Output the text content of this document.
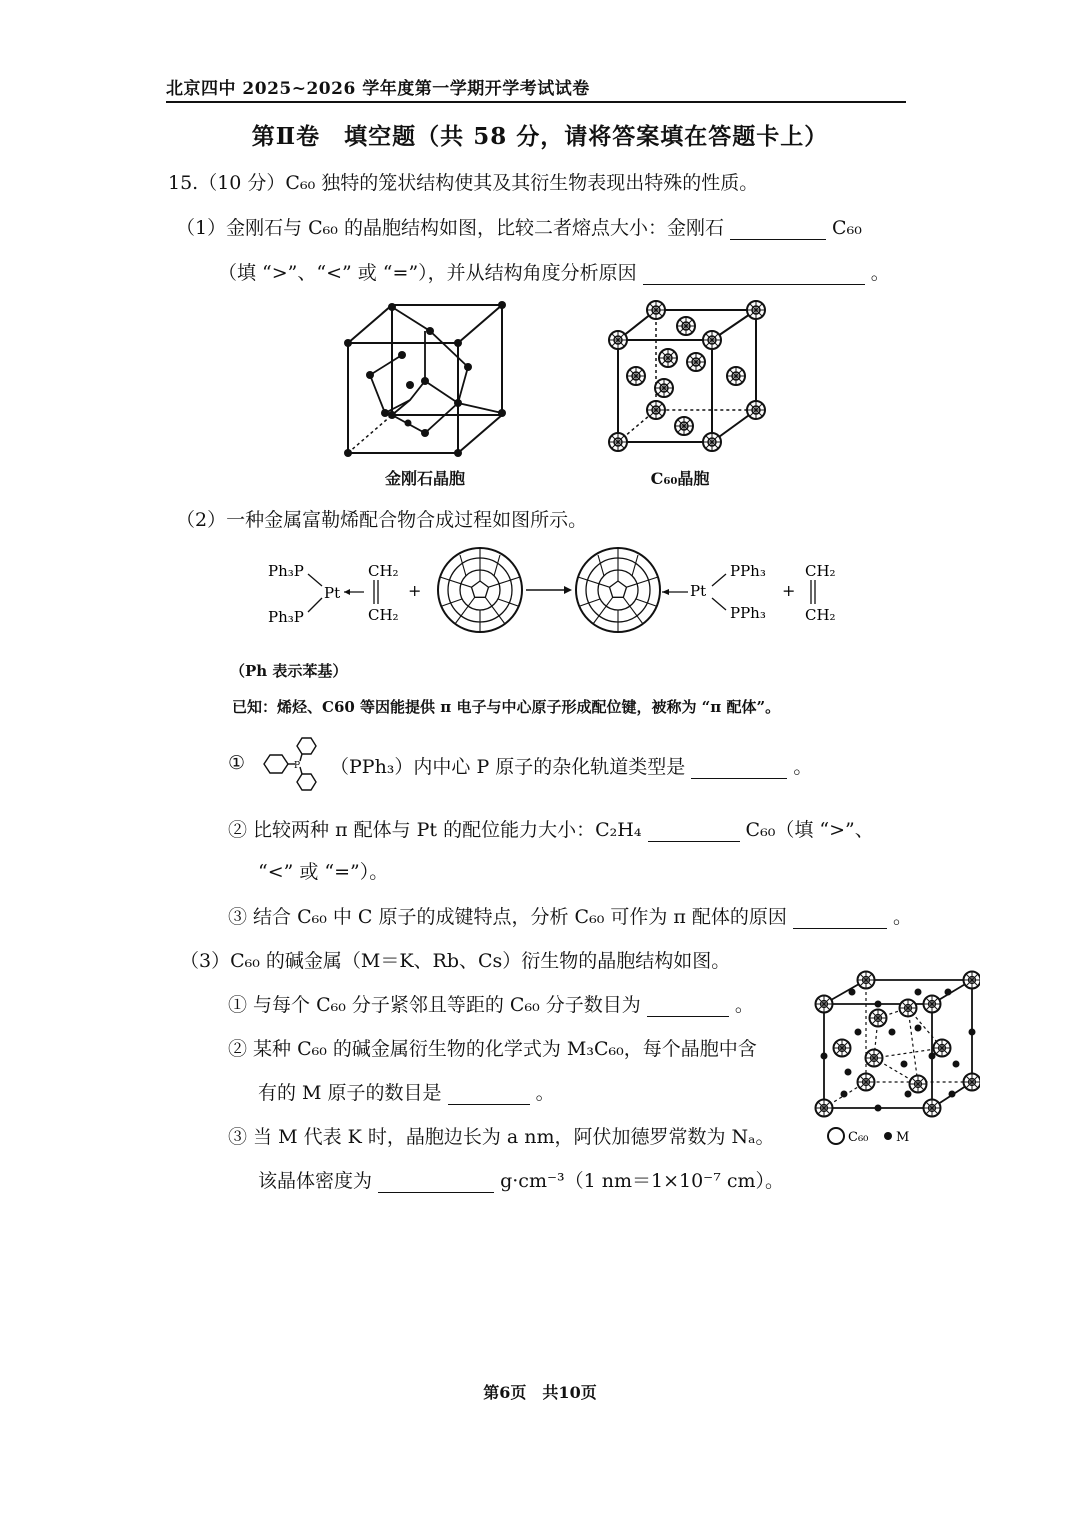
北京四中 2025~2026 学年度第一学期开学考试试卷
第Ⅱ卷　填空题（共 58 分，请将答案填在答题卡上）
15.（10 分）C₆₀ 独特的笼状结构使其及其衍生物表现出特殊的性质。
（1）金刚石与 C₆₀ 的晶胞结构如图，比较二者熔点大小：金刚石	C₆₀
（填 “>”、“<” 或 “=”），并从结构角度分析原因	。
金刚石晶胞	C₆₀晶胞
（2）一种金属富勒烯配合物合成过程如图所示。
Ph₃P
Ph₃P
Pt
CH₂
CH₂
+	Pt
PPh₃
PPh₃
+
CH₂
CH₂
（Ph 表示苯基）
已知：烯烃、C60 等因能提供 π 电子与中心原子形成配位键，被称为 “π 配体”。
①	P （PPh₃）内中心 P 原子的杂化轨道类型是	。
② 比较两种 π 配体与 Pt 的配位能力大小：C₂H₄	C₆₀（填 “>”、
“<” 或 “=”）。
③ 结合 C₆₀ 中 C 原子的成键特点，分析 C₆₀ 可作为 π 配体的原因	。
（3）C₆₀ 的碱金属（M＝K、Rb、Cs）衍生物的晶胞结构如图。
① 与每个 C₆₀ 分子紧邻且等距的 C₆₀ 分子数目为	。
② 某种 C₆₀ 的碱金属衍生物的化学式为 M₃C₆₀，每个晶胞中含
有的 M 原子的数目是	。
③ 当 M 代表 K 时，晶胞边长为 a nm，阿伏加德罗常数为 Nₐ。
该晶体密度为	g·cm⁻³（1 nm＝1×10⁻⁷ cm）。
C₆₀ M
第6页　共10页
